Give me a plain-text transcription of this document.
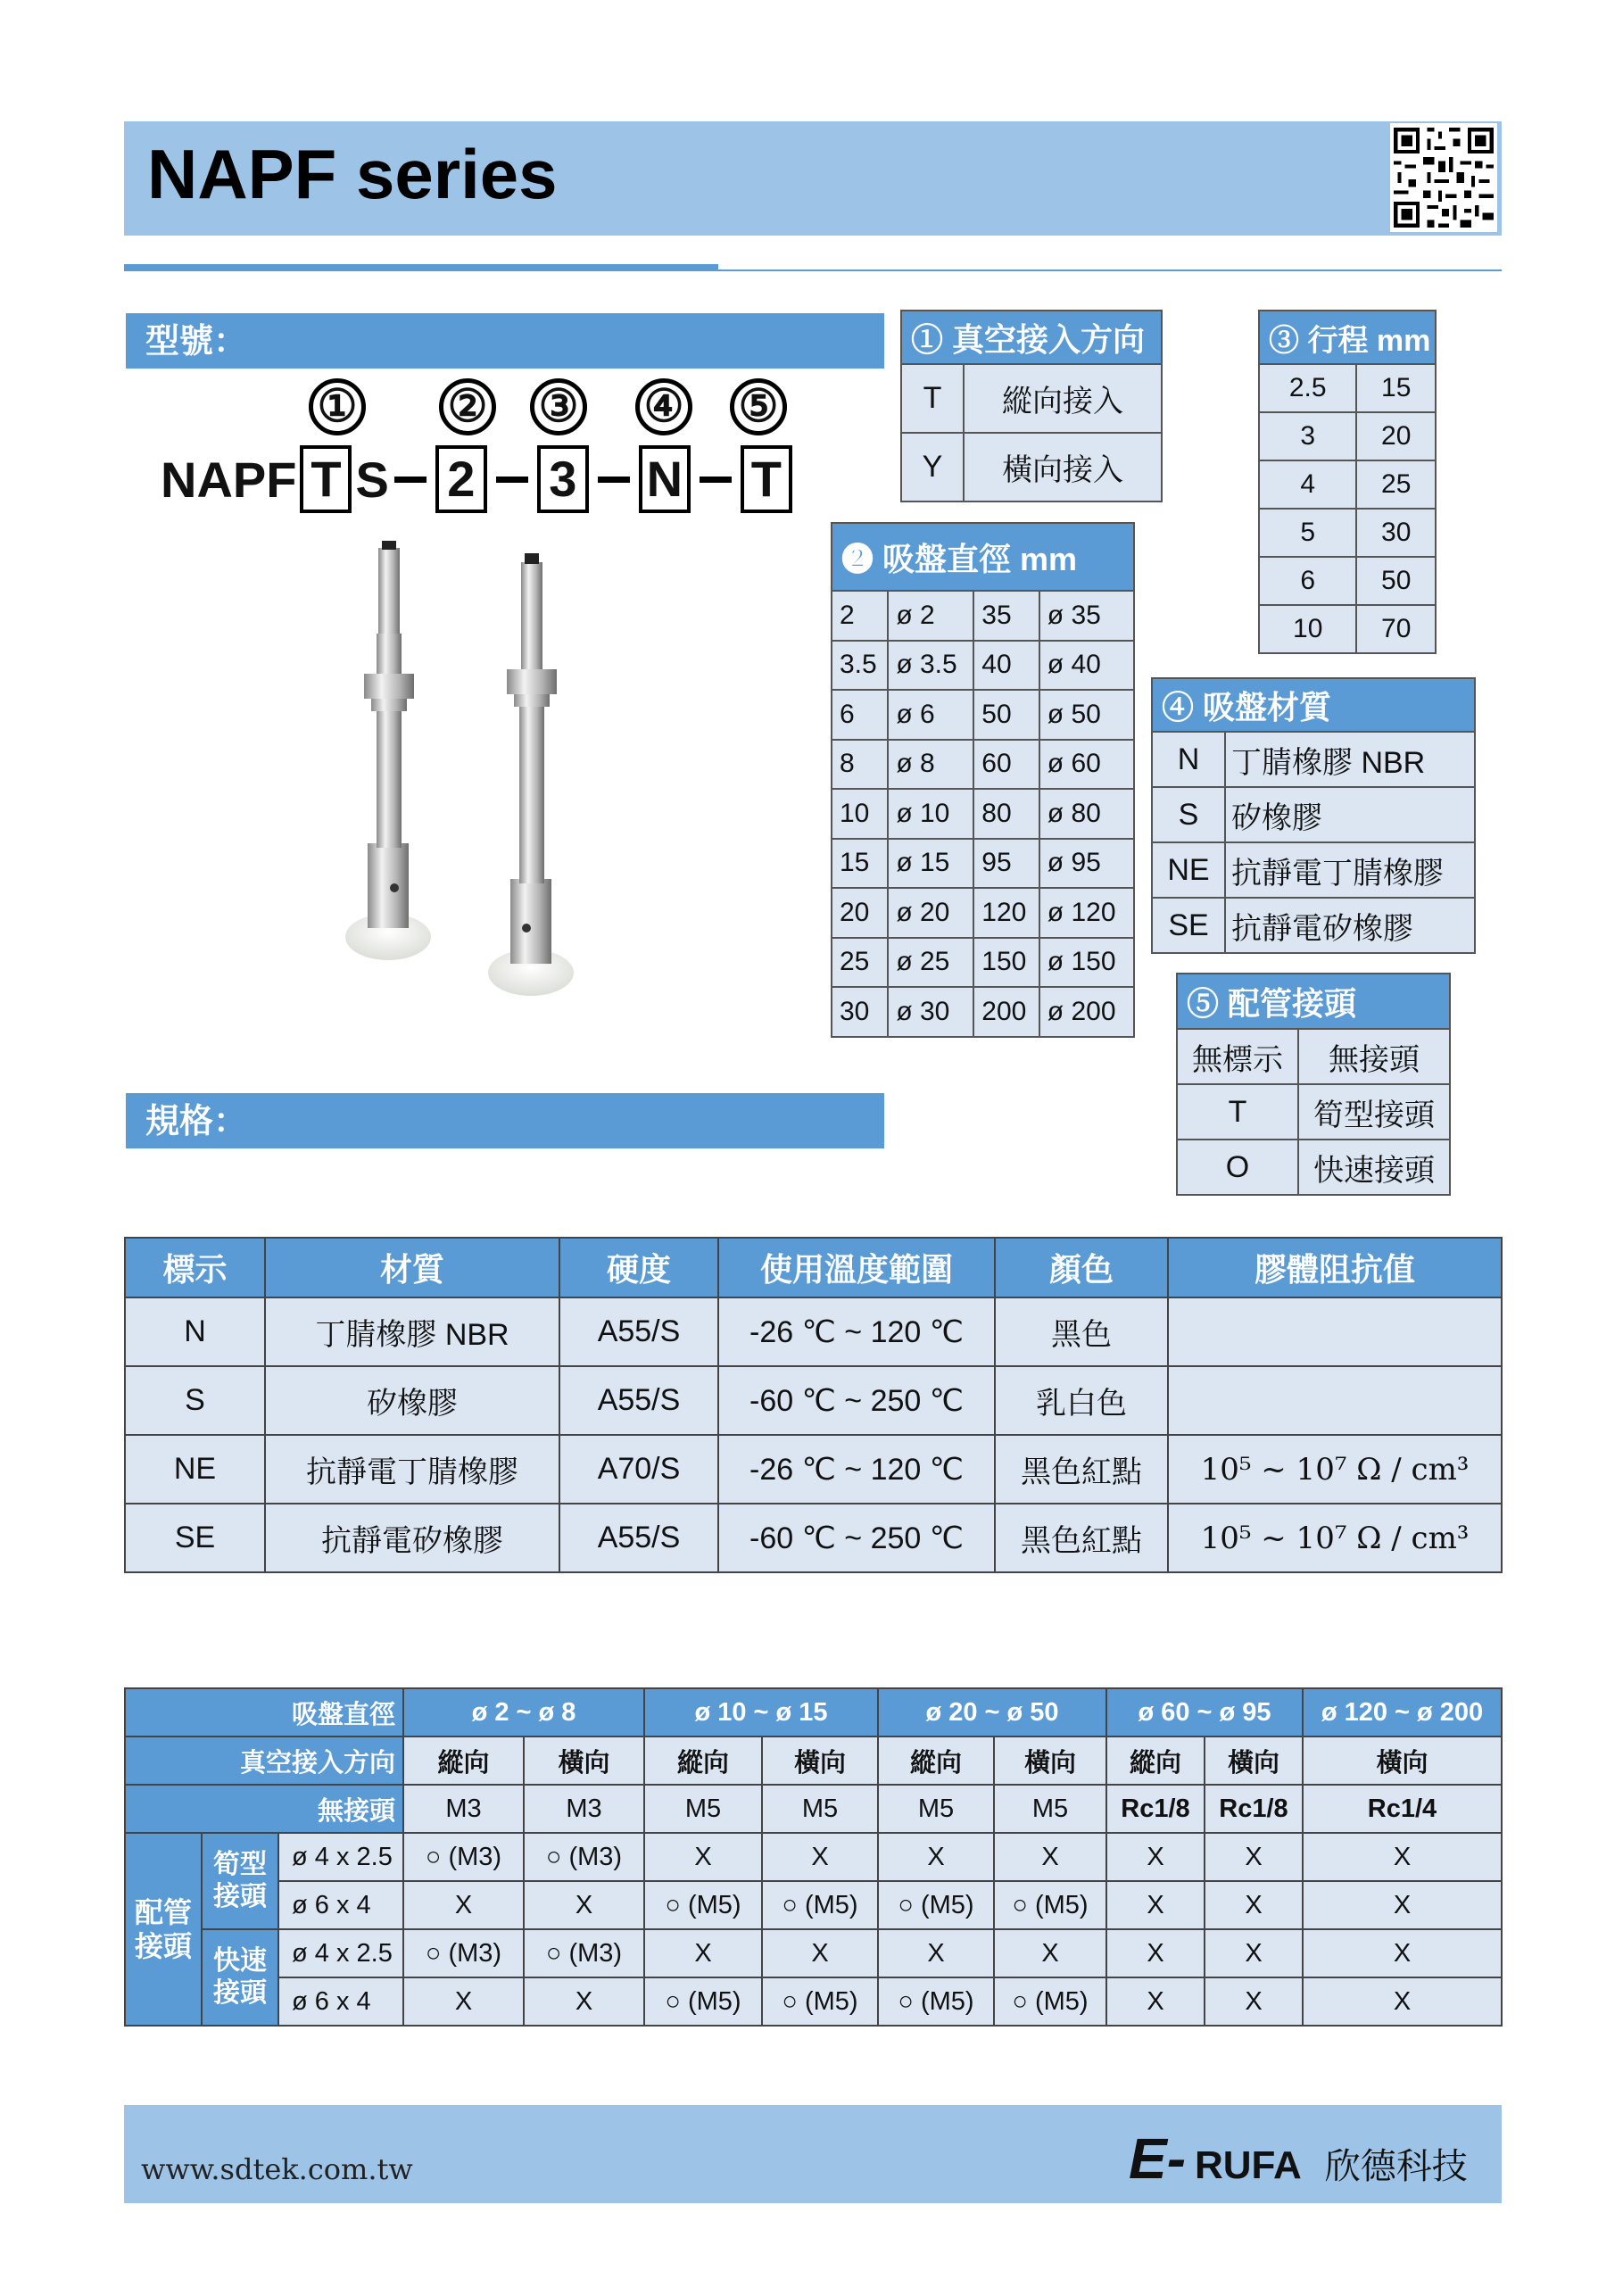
NAPF series
型號：
① ② ③ ④ ⑤
NAPF T S 2 3 N T
① 真空接入方向	
T	縱向接入
Y	橫向接入
③ 行程 mm	
2.5	15
3	20
4	25
5	30
6	50
10	70
❷ 吸盤直徑 mm			
2	ø 2	35	ø 35
3.5	ø 3.5	40	ø 40
6	ø 6	50	ø 50
8	ø 8	60	ø 60
10	ø 10	80	ø 80
15	ø 15	95	ø 95
20	ø 20	120	ø 120
25	ø 25	150	ø 150
30	ø 30	200	ø 200
④ 吸盤材質	
N	丁腈橡膠 NBR
S	矽橡膠
NE	抗靜電丁腈橡膠
SE	抗靜電矽橡膠
⑤ 配管接頭	
無標示	無接頭
T	筍型接頭
O	快速接頭
規格：
標示	材質	硬度	使用溫度範圍	顏色	膠體阻抗值
N	丁腈橡膠 NBR	A55/S	-26 ℃ ~ 120 ℃	黑色	
S	矽橡膠	A55/S	-60 ℃ ~ 250 ℃	乳白色	
NE	抗靜電丁腈橡膠	A70/S	-26 ℃ ~ 120 ℃	黑色紅點	10⁵ ~ 10⁷ Ω / cm³
SE	抗靜電矽橡膠	A55/S	-60 ℃ ~ 250 ℃	黑色紅點	10⁵ ~ 10⁷ Ω / cm³
吸盤直徑			ø 2 ~ ø 8		ø 10 ~ ø 15		ø 20 ~ ø 50		ø 60 ~ ø 95		ø 120 ~ ø 200
真空接入方向			縱向	橫向	縱向	橫向	縱向	橫向	縱向	橫向	橫向
無接頭			M3	M3	M5	M5	M5	M5	Rc1/8	Rc1/8	Rc1/4
配管接頭	筍型接頭	ø 4 x 2.5	○ (M3)	○ (M3)	X	X	X	X	X	X	X
		ø 6 x 4	X	X	○ (M5)	○ (M5)	○ (M5)	○ (M5)	X	X	X
	快速接頭	ø 4 x 2.5	○ (M3)	○ (M3)	X	X	X	X	X	X	X
		ø 6 x 4	X	X	○ (M5)	○ (M5)	○ (M5)	○ (M5)	X	X	X
www.sdtek.com.tw	E- RUFA 欣德科技
